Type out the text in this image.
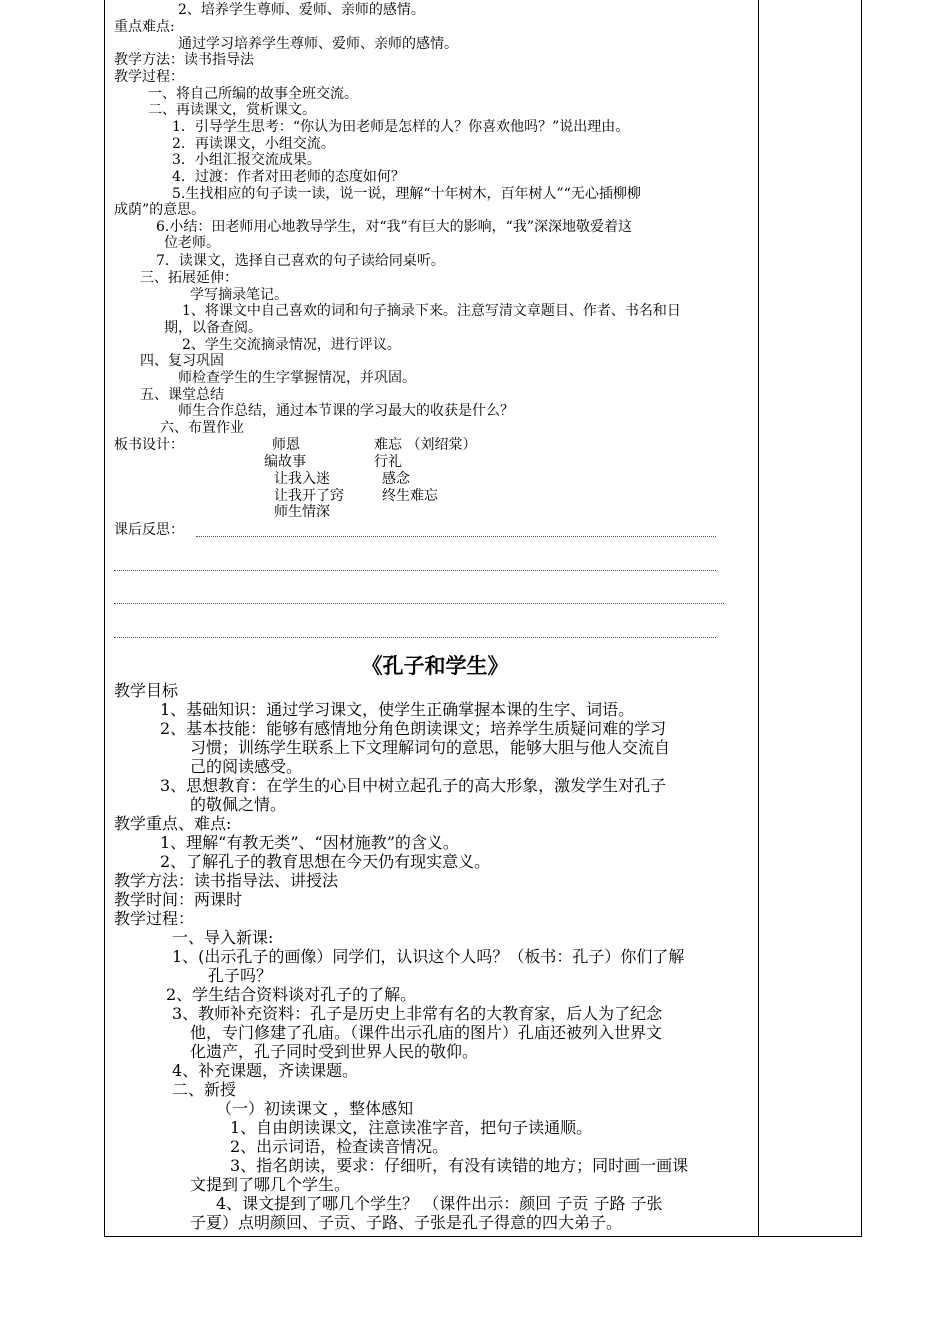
2、培养学生尊师、爱师、亲师的感情。
重点难点:
通过学习培养学生尊师、爱师、亲师的感情。
教学方法：读书指导法
教学过程：
一、将自己所编的故事全班交流。
二、再读课文，赏析课文。
1．引导学生思考：“你认为田老师是怎样的人？你喜欢他吗？”说出理由。
2．再读课文，小组交流。
3．小组汇报交流成果。
4．过渡：作者对田老师的态度如何？
5.生找相应的句子读一读，说一说，理解“十年树木，百年树人”“无心插柳柳
成荫”的意思。
6.小结：田老师用心地教导学生，对“我”有巨大的影响，“我”深深地敬爱着这
位老师。
7．读课文，选择自己喜欢的句子读给同桌听。
三、拓展延伸：
学写摘录笔记。
1、将课文中自己喜欢的词和句子摘录下来。注意写清文章题目、作者、书名和日
期，以备查阅。
2、学生交流摘录情况，进行评议。
四、复习巩固
师检查学生的生字掌握情况，并巩固。
五、课堂总结
师生合作总结，通过本节课的学习最大的收获是什么？
六、布置作业
板书设计：	师恩
编故事
让我入迷
让我开了窍
师生情深
难忘 （刘绍棠）
行礼
感念
终生难忘
课后反思：
《孔子和学生》
教学目标
1、基础知识：通过学习课文，使学生正确掌握本课的生字、词语。
2、基本技能：能够有感情地分角色朗读课文；培养学生质疑问难的学习
习惯；训练学生联系上下文理解词句的意思，能够大胆与他人交流自
己的阅读感受。
3、思想教育：在学生的心目中树立起孔子的高大形象，激发学生对孔子
的敬佩之情。
教学重点、难点:
1、理解“有教无类”、“因材施教”的含义。
2、了解孔子的教育思想在今天仍有现实意义。
教学方法：读书指导法、讲授法
教学时间：两课时
教学过程：
一、导入新课:
1、(出示孔子的画像）同学们，认识这个人吗？（板书：孔子）你们了解
孔子吗？
2、学生结合资料谈对孔子的了解。
3、教师补充资料：孔子是历史上非常有名的大教育家，后人为了纪念
他，专门修建了孔庙。（课件出示孔庙的图片）孔庙还被列入世界文
化遗产，孔子同时受到世界人民的敬仰。
4、补充课题，齐读课题。
二、新授
（一）初读课文 ，整体感知
1、自由朗读课文，注意读准字音，把句子读通顺。
2、出示词语，检查读音情况。
3、指名朗读，要求：仔细听，有没有读错的地方；同时画一画课
文提到了哪几个学生。
4、课文提到了哪几个学生？ （课件出示：颜回 子贡 子路 子张
子夏）点明颜回、子贡、子路、子张是孔子得意的四大弟子。
